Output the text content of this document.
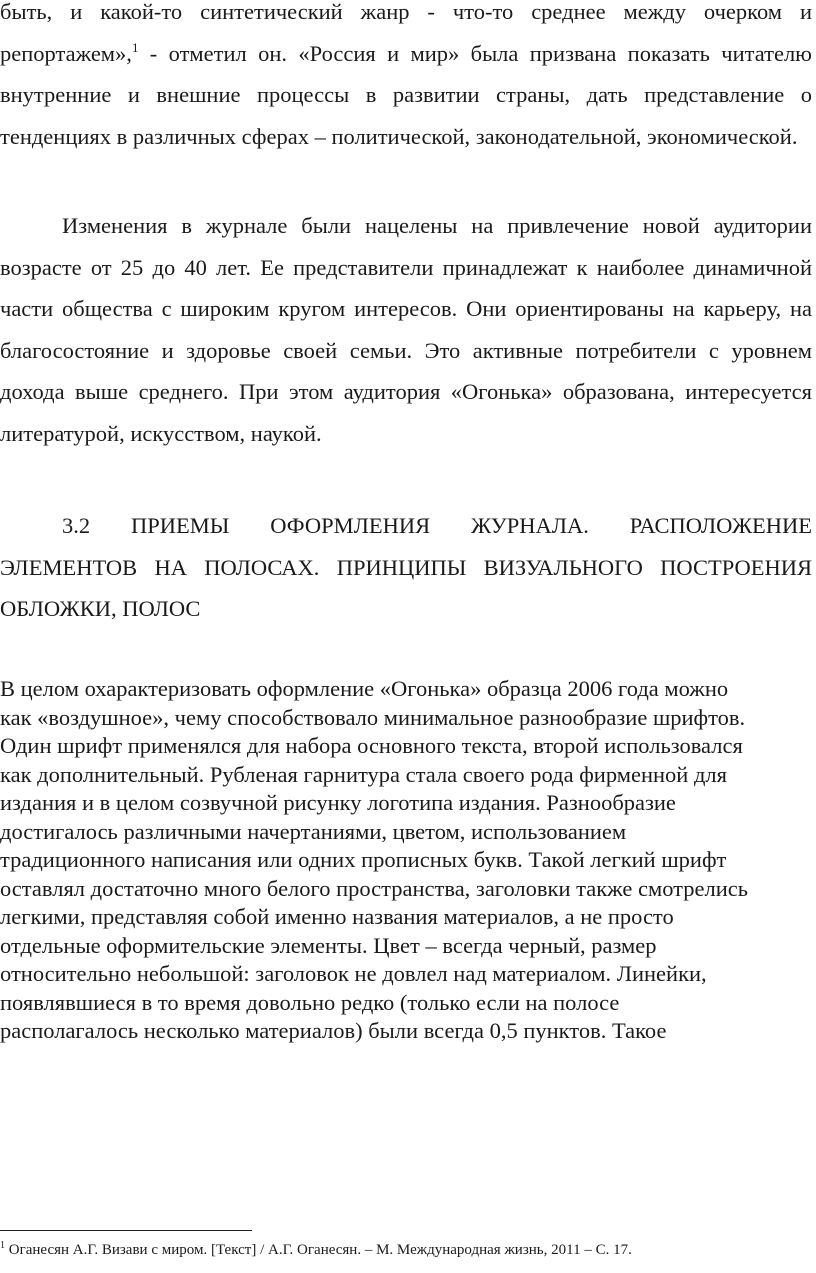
быть, и какой-то синтетический жанр - что-то среднее между очерком и репортажем»,$^1$ - отметил он. «Россия и мир» была призвана показать читателю внутренние и внешние процессы в развитии страны, дать представление о тенденциях в различных сферах – политической, законодательной, экономической.

Изменения в журнале были нацелены на привлечение новой аудитории возрасте от 25 до 40 лет. Ее представители принадлежат к наиболее динамичной части общества с широким кругом интересов. Они ориентированы на карьеру, на благосостояние и здоровье своей семьи. Это активные потребители с уровнем дохода выше среднего. При этом аудитория «Огонька» образована, интересуется литературой, искусством, наукой.

3.2 ПРИЕМЫ ОФОРМЛЕНИЯ ЖУРНАЛА. РАСПОЛОЖЕНИЕ ЭЛЕМЕНТОВ НА ПОЛОСАХ. ПРИНЦИПЫ ВИЗУАЛЬНОГО ПОСТРОЕНИЯ ОБЛОЖКИ, ПОЛОС

В целом охарактеризовать оформление «Огонька» образца 2006 года можно
как «воздушное», чему способствовало минимальное разнообразие шрифтов.
Один шрифт применялся для набора основного текста, второй использовался
как дополнительный. Рубленая гарнитура стала своего рода фирменной для
издания и в целом созвучной рисунку логотипа издания. Разнообразие
достигалось различными начертаниями, цветом, использованием
традиционного написания или одних прописных букв. Такой легкий шрифт
оставлял достаточно много белого пространства, заголовки также смотрелись
легкими, представляя собой именно названия материалов, а не просто
отдельные оформительские элементы. Цвет – всегда черный, размер
относительно небольшой: заголовок не довлел над материалом. Линейки,
появлявшиеся в то время довольно редко (только если на полосе
располагалось несколько материалов) были всегда 0,5 пунктов. Такое

$^1$ Оганесян А.Г. Визави с миром. [Текст] / А.Г. Оганесян. – М. Международная жизнь, 2011 – С. 17.
